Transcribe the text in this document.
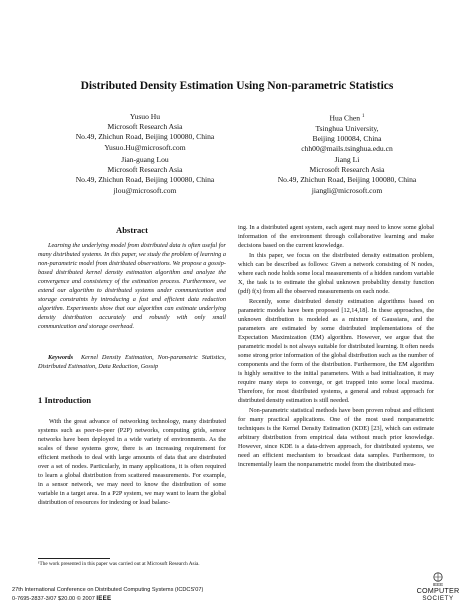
Distributed Density Estimation Using Non-parametric Statistics
Yusuo Hu
Microsoft Research Asia
No.49, Zhichun Road, Beijing 100080, China
Yusuo.Hu@microsoft.com
Hua Chen $^1$
Tsinghua University,
Beijing 100084, China
chh00@mails.tsinghua.edu.cn
Jian-guang Lou
Microsoft Research Asia
No.49, Zhichun Road, Beijing 100080, China
jlou@microsoft.com
Jiang Li
Microsoft Research Asia
No.49, Zhichun Road, Beijing 100080, China
jiangli@microsoft.com
Abstract
Learning the underlying model from distributed data is often useful for many distributed systems. In this paper, we study the problem of learning a non-parametric model from distributed observations. We propose a gossip-based distributed kernel density estimation algorithm and analyze the convergence and consistency of the estimation process. Furthermore, we extend our algorithm to distributed systems under communication and storage constraints by introducing a fast and efficient data reduction algorithm. Experiments show that our algorithm can estimate underlying density distribution accurately and robustly with only small communication and storage overhead.
Keywords Kernel Density Estimation, Non-parametric Statistics, Distributed Estimation, Data Reduction, Gossip
1 Introduction

With the great advance of networking technology, many distributed systems such as peer-to-peer (P2P) networks, computing grids, sensor networks have been deployed in a wide variety of environments. As the scales of these systems grow, there is an increasing requirement for efficient methods to deal with large amounts of data that are distributed over a set of nodes. Particularly, in many applications, it is often required to learn a global distribution from scattered measurements. For example, in a sensor network, we may need to know the distribution of some variable in a target area. In a P2P system, we may want to learn the global distribution of resources for indexing or load balanc-

¹The work presented in this paper was carried out at Microsoft Research Asia.

ing. In a distributed agent system, each agent may need to know some global information of the environment through collaborative learning and make decisions based on the current knowledge.

In this paper, we focus on the distributed density estimation problem, which can be described as follows: Given a network consisting of N nodes, where each node holds some local measurements of a hidden random variable X, the task is to estimate the global unknown probability density function (pdf) f(x) from all the observed measurements on each node.

Recently, some distributed density estimation algorithms based on parametric models have been proposed [12,14,18]. In these approaches, the unknown distribution is modeled as a mixture of Gaussians, and the parameters are estimated by some distributed implementations of the Expectation Maximization (EM) algorithm. However, we argue that the parametric model is not always suitable for distributed learning. It often needs some strong prior information of the global distribution such as the number of components and the form of the distribution. Furthermore, the EM algorithm is highly sensitive to the initial parameters. With a bad initialization, it may require many steps to converge, or get trapped into some local maxima. Therefore, for most distributed systems, a general and robust approach for distributed density estimation is still needed.

Non-parametric statistical methods have been proven robust and efficient for many practical applications. One of the most used nonparametric techniques is the Kernel Density Estimation (KDE) [23], which can estimate arbitrary distribution from empirical data without much prior knowledge. However, since KDE is a data-driven approach, for distributed systems, we need an efficient mechanism to broadcast data samples. Furthermore, to incrementally learn the nonparametric model from the distributed mea-

27th International Conference on Distributed Computing Systems (ICDCS'07)
0-7695-2837-3/07 $20.00 © 2007 IEEE
IEEE
COMPUTER
SOCIETY
